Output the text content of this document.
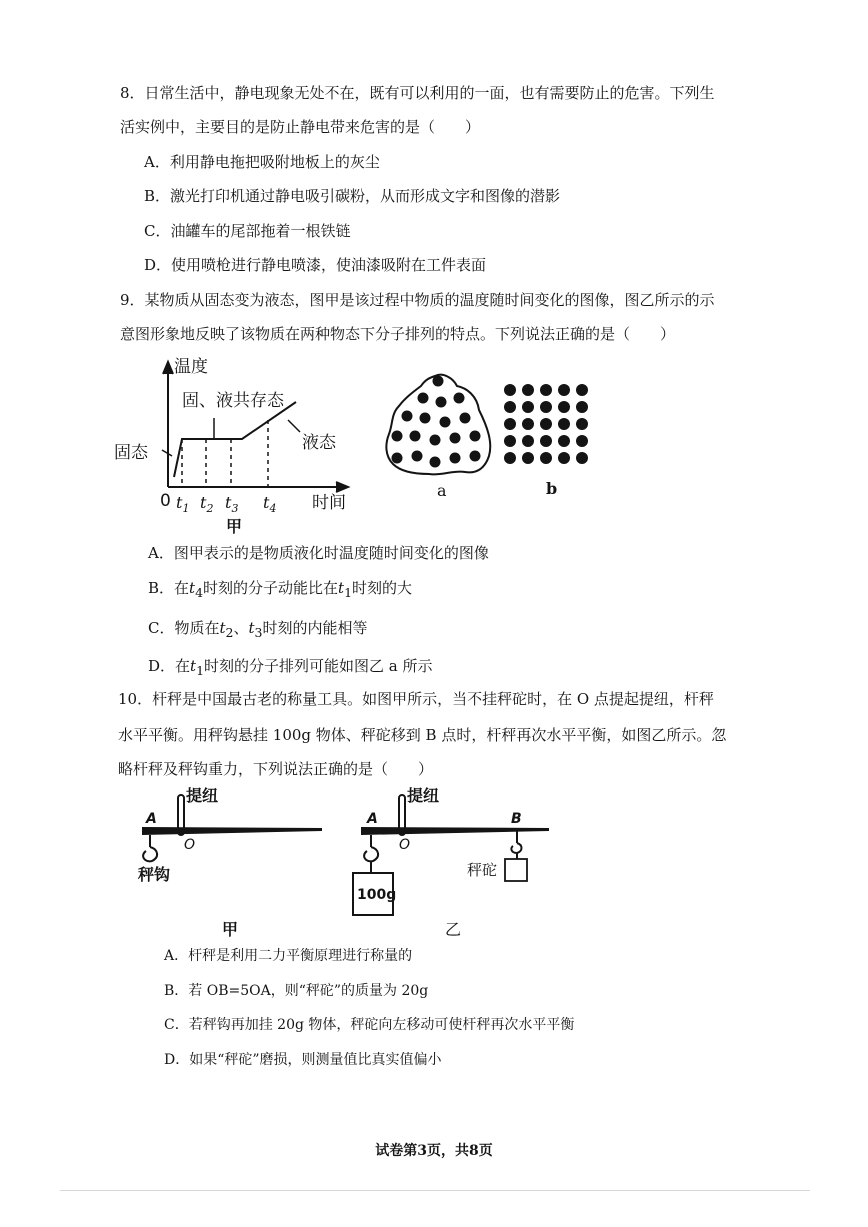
8．日常生活中，静电现象无处不在，既有可以利用的一面，也有需要防止的危害。下列生
活实例中，主要目的是防止静电带来危害的是（　　）
A．利用静电拖把吸附地板上的灰尘
B．激光打印机通过静电吸引碳粉，从而形成文字和图像的潜影
C．油罐车的尾部拖着一根铁链
D．使用喷枪进行静电喷漆，使油漆吸附在工件表面
9．某物质从固态变为液态，图甲是该过程中物质的温度随时间变化的图像，图乙所示的示
意图形象地反映了该物质在两种物态下分子排列的特点。下列说法正确的是（　　）
温度
固、液共存态
固态	液态
0	时间
$t_1$ $t_2$ $t_3$ $t_4$
甲
a	b
A．图甲表示的是物质液化时温度随时间变化的图像
B．在$t_4$时刻的分子动能比在$t_1$时刻的大
C．物质在$t_2$、$t_3$时刻的内能相等
D．在$t_1$时刻的分子排列可能如图乙 a 所示
10．杆秤是中国最古老的称量工具。如图甲所示，当不挂秤砣时，在 O 点提起提纽，杆秤
水平平衡。用秤钩悬挂 100g 物体、秤砣移到 B 点时，杆秤再次水平平衡，如图乙所示。忽
略杆秤及秤钩重力，下列说法正确的是（　　）
A
O
提纽
秤钩
甲
A
O
B
提纽
秤砣
100g
乙
A．杆秤是利用二力平衡原理进行称量的
B．若 OB=5OA，则“秤砣”的质量为 20g
C．若秤钩再加挂 20g 物体，秤砣向左移动可使杆秤再次水平平衡
D．如果“秤砣”磨损，则测量值比真实值偏小
试卷第3页，共8页
